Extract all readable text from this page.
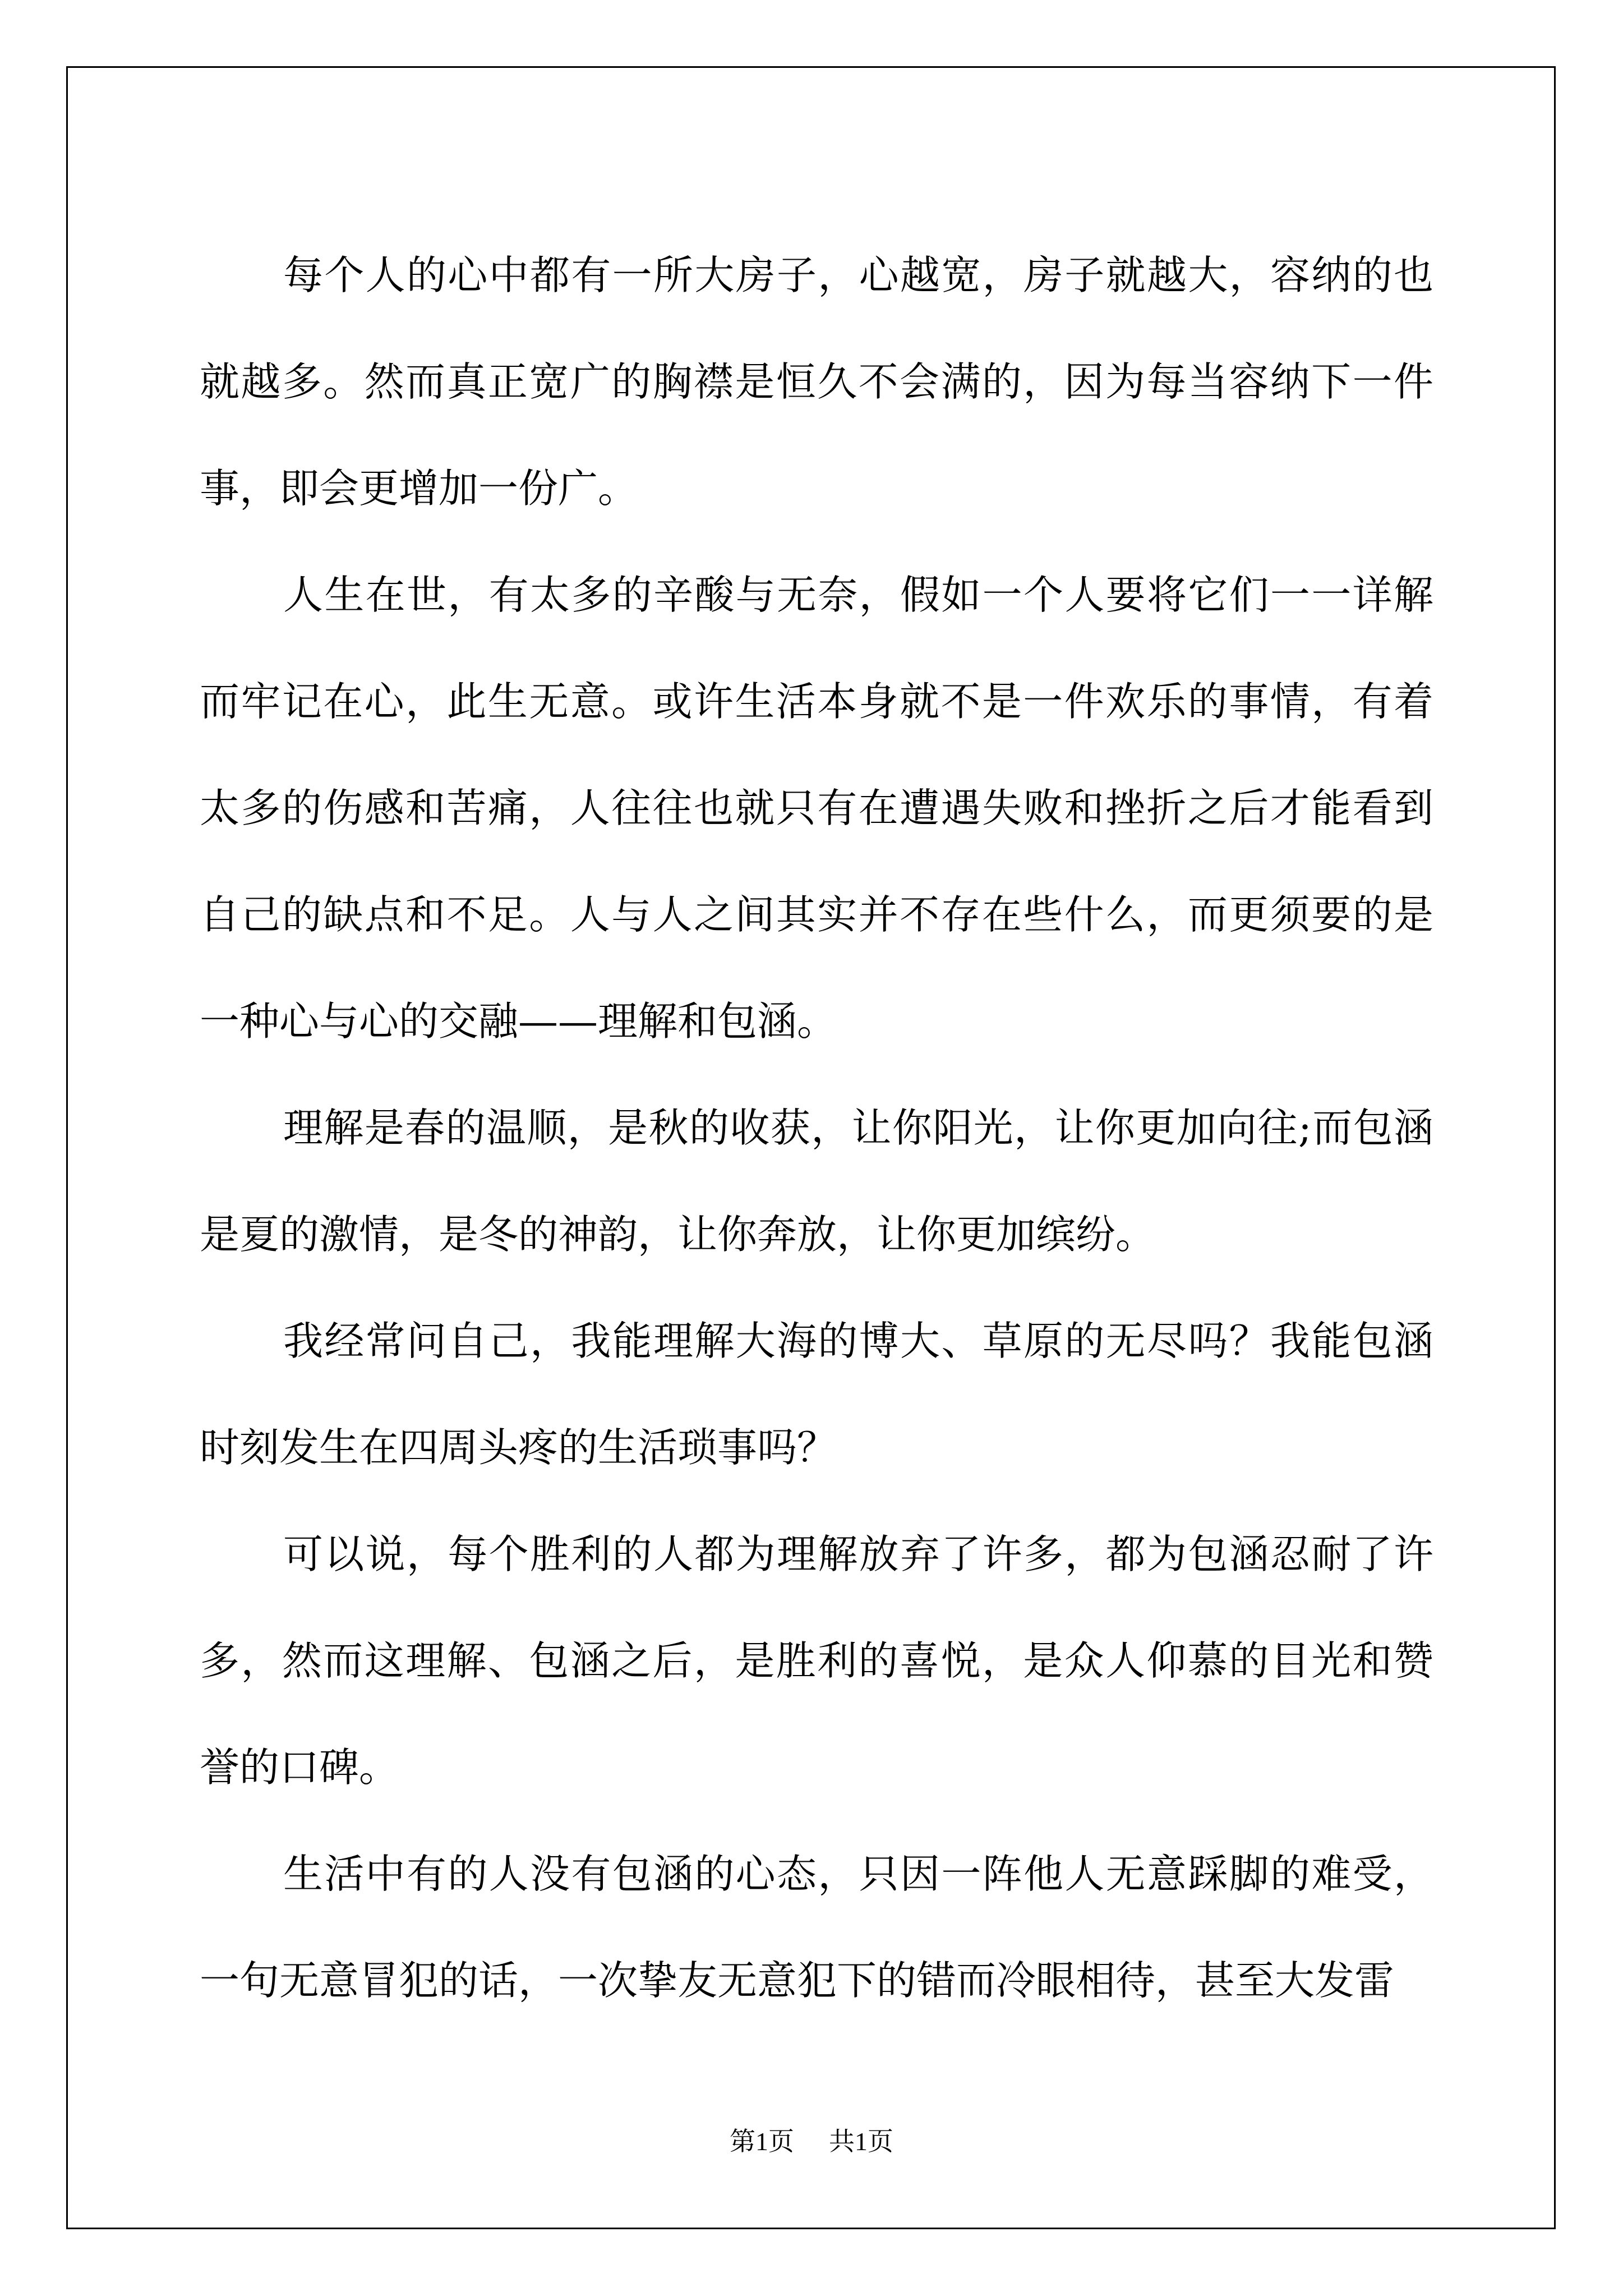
每个人的心中都有一所大房子，心越宽，房子就越大，容纳的也就越多。然而真正宽广的胸襟是恒久不会满的，因为每当容纳下一件事，即会更增加一份广。

人生在世，有太多的辛酸与无奈，假如一个人要将它们一一详解而牢记在心，此生无意。或许生活本身就不是一件欢乐的事情，有着太多的伤感和苦痛，人往往也就只有在遭遇失败和挫折之后才能看到自己的缺点和不足。人与人之间其实并不存在些什么，而更须要的是一种心与心的交融——理解和包涵。

理解是春的温顺，是秋的收获，让你阳光，让你更加向往;而包涵是夏的激情，是冬的神韵，让你奔放，让你更加缤纷。

我经常问自己，我能理解大海的博大、草原的无尽吗？我能包涵时刻发生在四周头疼的生活琐事吗？

可以说，每个胜利的人都为理解放弃了许多，都为包涵忍耐了许多，然而这理解、包涵之后，是胜利的喜悦，是众人仰慕的目光和赞誉的口碑。

生活中有的人没有包涵的心态，只因一阵他人无意踩脚的难受，一句无意冒犯的话，一次挚友无意犯下的错而冷眼相待，甚至大发雷

第1页 共1页
